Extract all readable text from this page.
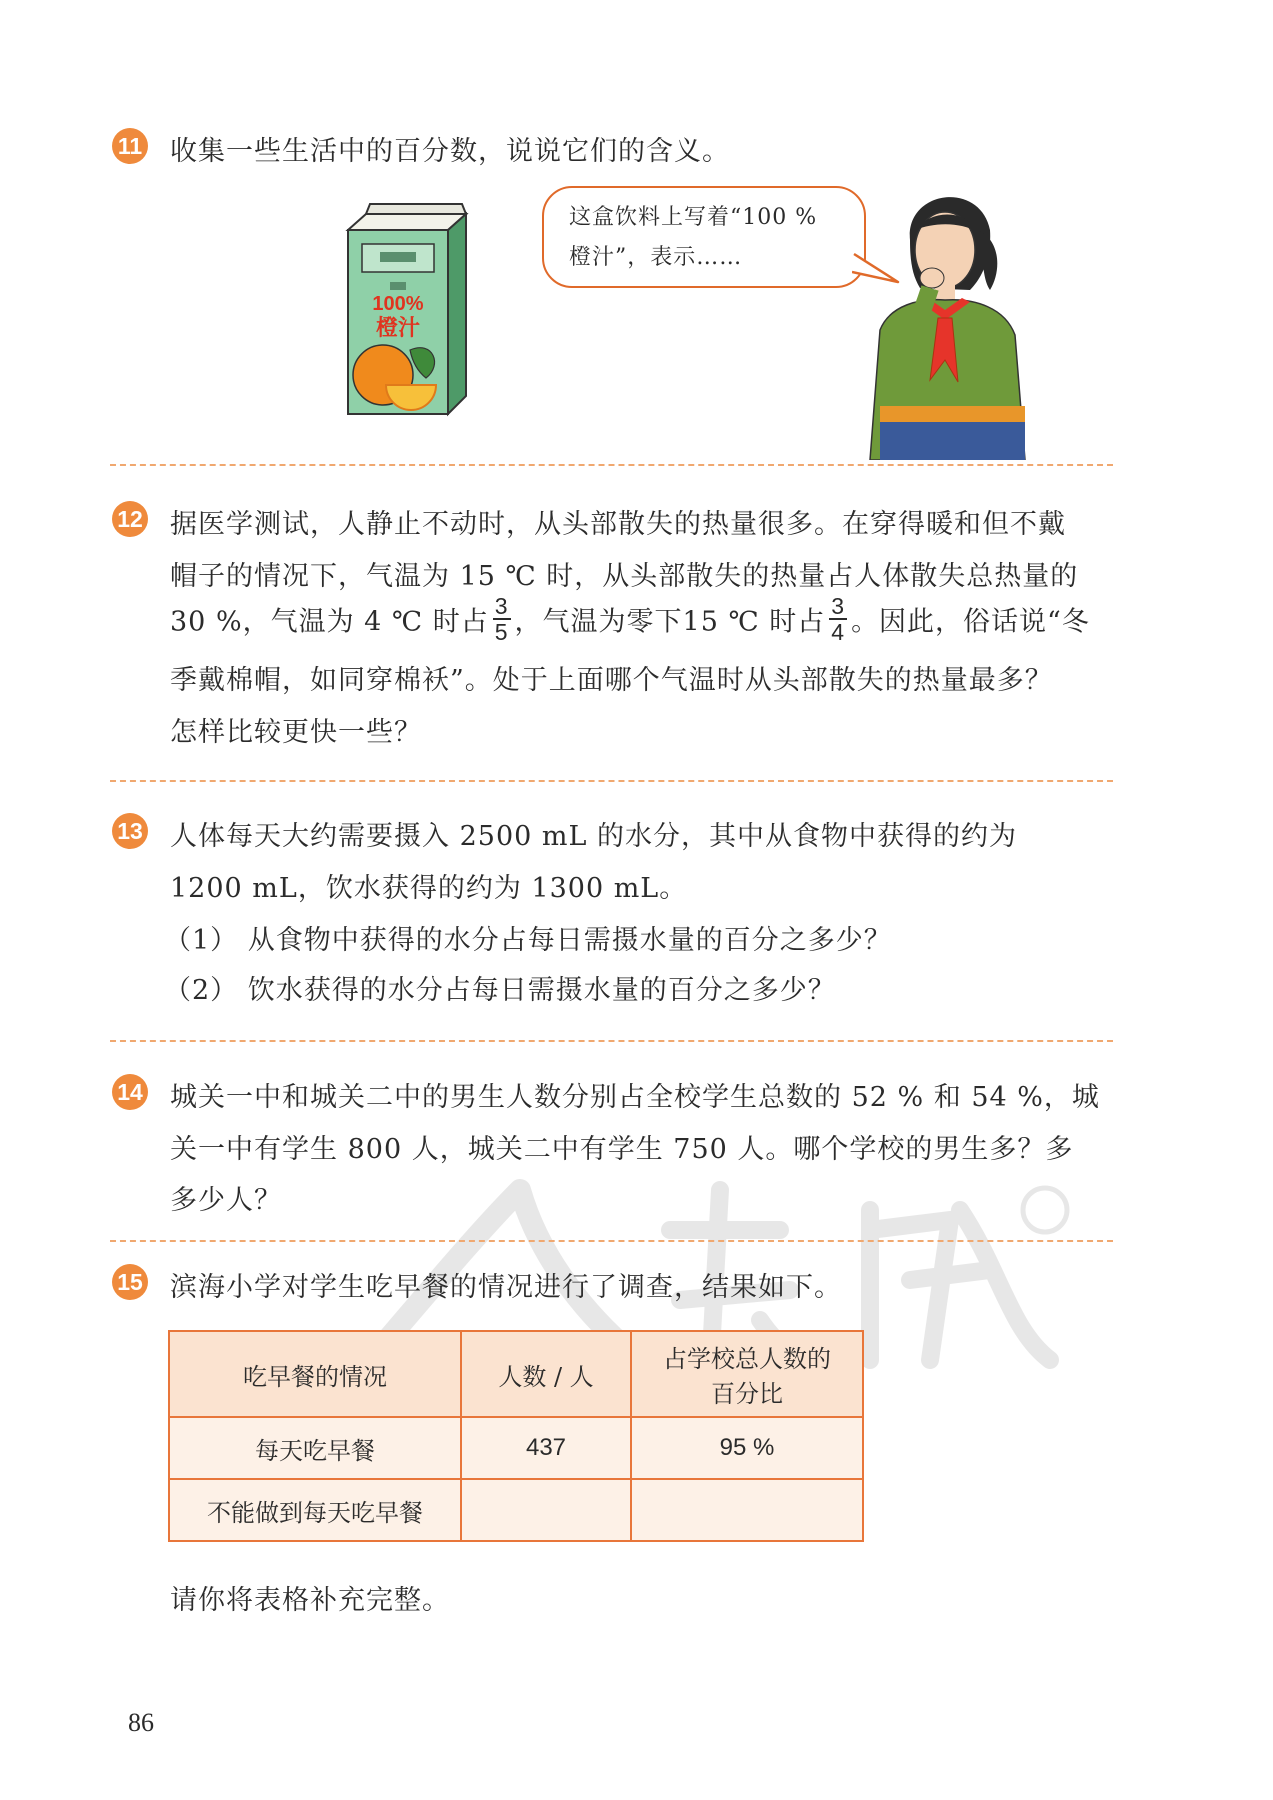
11 收集一些生活中的百分数，说说它们的含义。
100%
橙汁
这盒饮料上写着“100 %
橙汁”，表示……
12 据医学测试，人静止不动时，从头部散失的热量很多。在穿得暖和但不戴
帽子的情况下，气温为 15 ℃ 时，从头部散失的热量占人体散失总热量的
30 %，气温为 4 ℃ 时占 $\frac{3}{5}$ ，气温为零下15 ℃ 时占 $\frac{3}{4}$ 。因此，俗话说“冬
季戴棉帽，如同穿棉袄”。处于上面哪个气温时从头部散失的热量最多？
怎样比较更快一些？
13 人体每天大约需要摄入 2500 mL 的水分，其中从食物中获得的约为
1200 mL，饮水获得的约为 1300 mL。
（1） 从食物中获得的水分占每日需摄水量的百分之多少？
（2） 饮水获得的水分占每日需摄水量的百分之多少？
14 城关一中和城关二中的男生人数分别占全校学生总数的 52 % 和 54 %，城
关一中有学生 800 人，城关二中有学生 750 人。哪个学校的男生多？多
多少人？
15 滨海小学对学生吃早餐的情况进行了调查，结果如下。
吃早餐的情况	人数 / 人	占学校总人数的
百分比

每天吃早餐	437	95 %
不能做到每天吃早餐		
请你将表格补充完整。
86
